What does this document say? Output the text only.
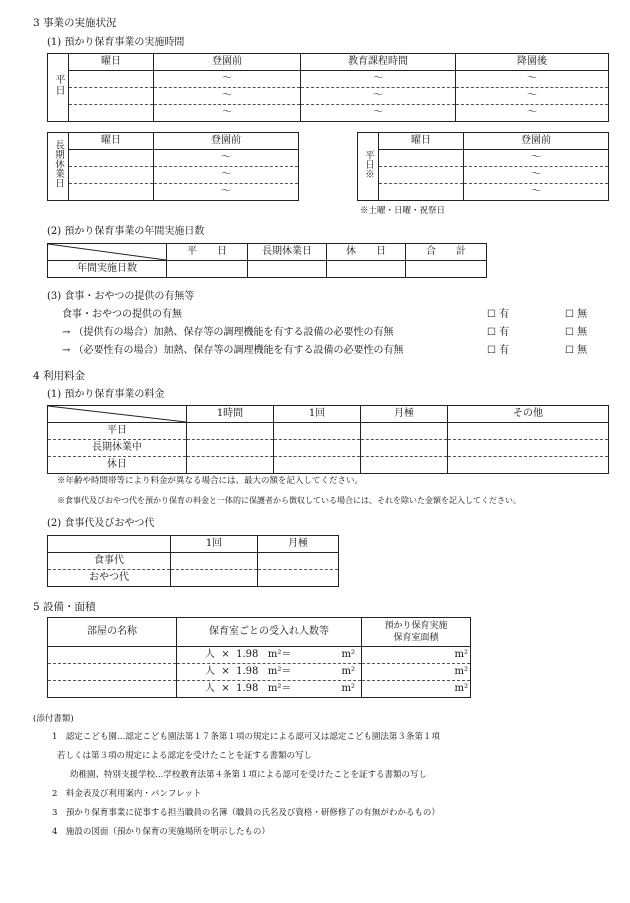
3 事業の実施状況
(1) 預かり保育事業の実施時間
平日	曜日	登園前	教育課程時間	降園後
		～	～	～
		～	～	～
		～	～	～
長期休業日	曜日	登園前
		～
		～
		～
平日※	曜日	登園前
		～
		～
		～
※土曜・日曜・祝祭日
(2) 預かり保育事業の年間実施日数
	平　　日	長期休業日	休　　日	合　　計
年間実施日数				
(3) 食事・おやつの提供の有無等
食事・おやつの提供の有無	☐ 有	☐ 無
→ （提供有の場合）加熱、保存等の調理機能を有する設備の必要性の有無	☐ 有	☐ 無
→ （必要性有の場合）加熱、保存等の調理機能を有する設備の必要性の有無	☐ 有	☐ 無
4 利用料金
(1) 預かり保育事業の料金
	1時間	1回	月極	その他
平日				
長期休業中				
休日				
※年齢や時間帯等により料金が異なる場合には、最大の額を記入してください。
※食事代及びおやつ代を預かり保育の料金と一体的に保護者から徴収している場合には、それを除いた金額を記入してください。
(2) 食事代及びおやつ代
	1回	月極
食事代		
おやつ代		
5 設備・面積
部屋の名称	保育室ごとの受入れ人数等	預かり保育実施
保育室面積

	人 × 1.98 m²＝ m²	m²
	人 × 1.98 m²＝ m²	m²
	人 × 1.98 m²＝ m²	m²
(添付書類)
1　認定こども園…認定こども園法第１７条第１項の規定による認可又は認定こども園法第３条第１項
若しくは第３項の規定による認定を受けたことを証する書類の写し
幼稚園、特別支援学校…学校教育法第４条第１項による認可を受けたことを証する書類の写し
2　料金表及び利用案内・パンフレット
3　預かり保育事業に従事する担当職員の名簿（職員の氏名及び資格・研修修了の有無がわかるもの）
4　施設の図面（預かり保育の実施場所を明示したもの）
